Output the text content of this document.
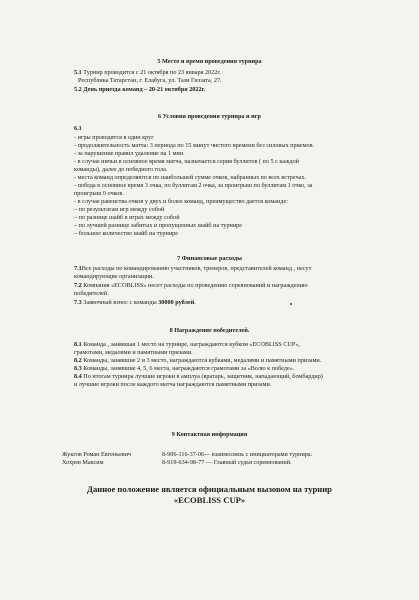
5 Место и время проведения турнира
5.1 Турнир проводится с 21 октября по 23 января 2022г.
Республика Татарстан, г. Елабуга, ул. Тази Гиззата, 27.
5.2 День приезда команд – 20-21 октября 2022г.
6 Условия проведения турнира и игр
6.1
- игры проводятся в один круг
- продолжительность матча: 3 периода по 15 минут чистого времени без силовых приемов.
- за нарушение правил удаление на 1 мин.
- в случае ничьи в основное время матча, назначается серия буллитов ( по 5 с каждой
команды), далее до победного гола.
- места команд определяются по наибольшей сумме очков, набранных во всех встречах.
- победа в основное время 3 очка, по буллитам 2 очка, за проигрыш по буллитам 1 очко, за
проигрыш 0 очков.
- в случае равенства очков у двух и более команд, преимущество дается команде:
– по результатам игр между собой
– по разнице шайб в играх между собой
– по лучшей разнице забитых и пропущенных шайб на турнире
– большее количество шайб на турнире
7 Финансовые расходы
7.1Все расходы по командированию участников, тренеров, представителей команд , несут
командирующие организации.
7.2 Компания «ECOBLISS» несет расходы по проведению соревнований и награждению
победителей.
7.3 Заявочный взнос с команды 30000 рублей.
8 Награждение победителей.
8.1 Команда , занявшая 1 место на турнире, награждаются кубком «ECOBLISS CUP»,
грамотами, медалями и памятными призами.
8.2 Команды, занявшие 2 и 3 место, награждаются кубками, медалями и памятными призами.
8.3 Команды, занявшие 4, 5, 6 места, награждаются грамотами за «Волю к победе».
8.4 По итогам турнира лучшие игроки в амплуа (вратарь, защитник, нападающий, бомбардир)
и лучшие игроки после каждого матча награждаются памятными призами.
9 Контактная информация
Жукгов Роман Евгеньевич	8-906-116-37-06— взаимосвязь с инициаторами турнира.
Хохрев Максим	8-919-634-98-77 — Главный судья соревнований.
Данное положение является официальным вызовом на турнир
«ECOBLISS CUP»
